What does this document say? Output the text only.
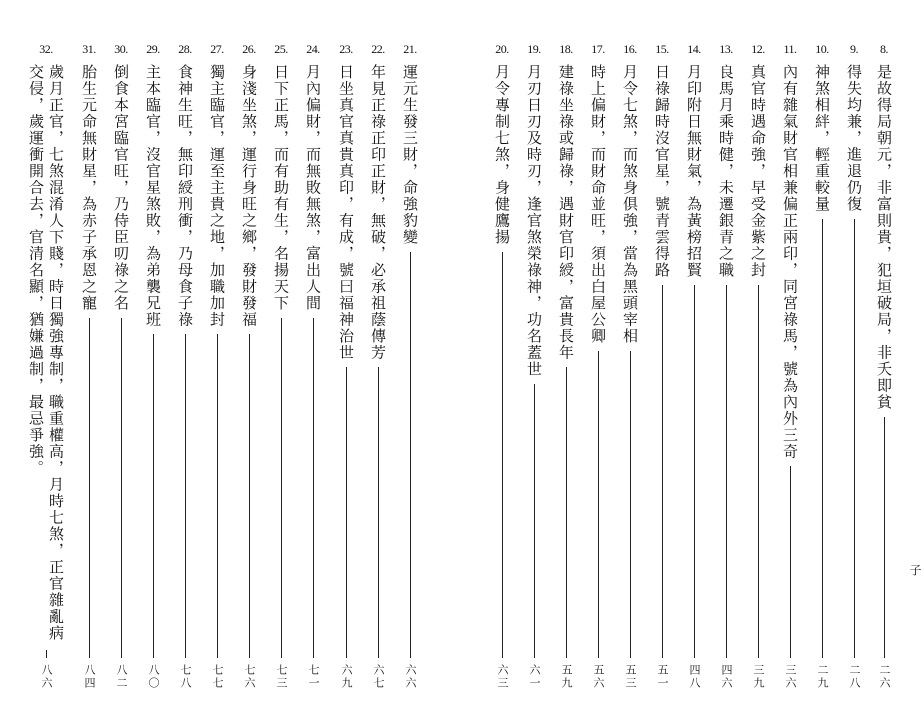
32.
歲月正官，七煞混淆人下賤，時日獨強專制，職重權高，月時七煞，正官雜亂病交侵，歲運衝開合去，官清名顯，猶嫌過制，最忌爭強。
八六
31.
胎生元命無財星，為赤子承恩之寵
八四
30.
倒食本宮臨官旺，乃侍臣叨祿之名
八二
29.
主本臨官，沒官星煞敗，為弟襲兄班
八〇
28.
食神生旺，無印綬刑衝，乃母食子祿
七八
27.
獨主臨官，運至主貴之地，加職加封
七七
26.
身淺坐煞，運行身旺之鄉，發財發福
七六
25.
日下正馬，而有助有生，名揚天下
七三
24.
月內偏財，而無敗無煞，富出人間
七一
23.
日坐真官真貴真印，有成，號曰福神治世
六九
22.
年見正祿正印正財，無破，必承祖蔭傳芳
六七
21.
運元生發三財，命強豹變
六六
20.
月令專制七煞，身健鷹揚
六三
19.
月刃日刃及時刃，逢官煞榮祿神，功名蓋世
六一
18.
建祿坐祿或歸祿，遇財官印綬，富貴長年
五九
17.
時上偏財，而財命並旺，須出白屋公卿
五六
16.
月令七煞，而煞身俱強，當為黑頭宰相
五三
15.
日祿歸時沒官星，號青雲得路
五一
14.
月印附日無財氣，為黃榜招賢
四八
13.
良馬月乘時健，未遷銀青之職
四六
12.
真官時遇命強，早受金紫之封
三九
11.
內有雜氣財官相兼偏正兩印，同宮祿馬，號為內外三奇
三六
10.
神煞相絆，輕重較量
二九
9.
得失均兼，進退仍復
二八
8.
是故得局朝元，非富則貴，犯垣破局，非夭即貧
二六
子
